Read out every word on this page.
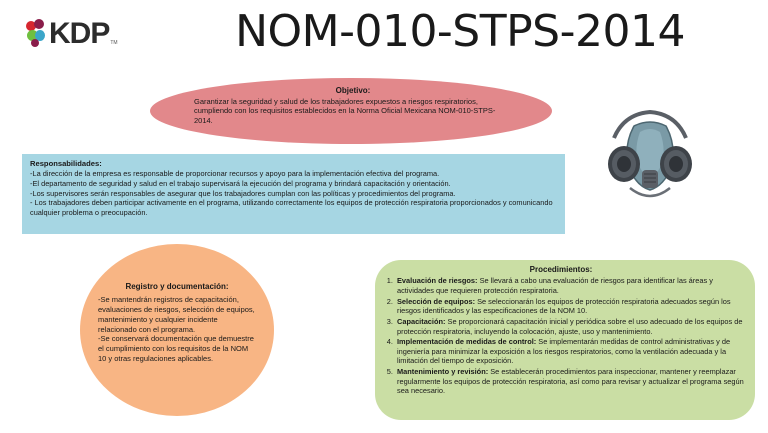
KDP TM	NOM-010-STPS-2014
Objetivo:
Garantizar la seguridad y salud de los trabajadores expuestos a riesgos respiratorios, cumpliendo con los requisitos establecidos en la Norma Oficial Mexicana NOM-010-STPS-2014.
Responsabilidades:
-La dirección de la empresa es responsable de proporcionar recursos y apoyo para la implementación efectiva del programa.
-El departamento de seguridad y salud en el trabajo supervisará la ejecución del programa y brindará capacitación y orientación.
-Los supervisores serán responsables de asegurar que los trabajadores cumplan con las políticas y procedimientos del programa.
- Los trabajadores deben participar activamente en el programa, utilizando correctamente los equipos de protección respiratoria proporcionados y comunicando cualquier problema o preocupación.
Registro y documentación:
-Se mantendrán registros de capacitación, evaluaciones de riesgos, selección de equipos, mantenimiento y cualquier incidente relacionado con el programa.
-Se conservará documentación que demuestre el cumplimiento con los requisitos de la NOM 10 y otras regulaciones aplicables.
Procedimientos:
1. Evaluación de riesgos: Se llevará a cabo una evaluación de riesgos para identificar las áreas y actividades que requieren protección respiratoria.
2. Selección de equipos: Se seleccionarán los equipos de protección respiratoria adecuados según los riesgos identificados y las especificaciones de la NOM 10.
3. Capacitación: Se proporcionará capacitación inicial y periódica sobre el uso adecuado de los equipos de protección respiratoria, incluyendo la colocación, ajuste, uso y mantenimiento.
4. Implementación de medidas de control: Se implementarán medidas de control administrativas y de ingeniería para minimizar la exposición a los riesgos respiratorios, como la ventilación adecuada y la limitación del tiempo de exposición.
5. Mantenimiento y revisión: Se establecerán procedimientos para inspeccionar, mantener y reemplazar regularmente los equipos de protección respiratoria, así como para revisar y actualizar el programa según sea necesario.
